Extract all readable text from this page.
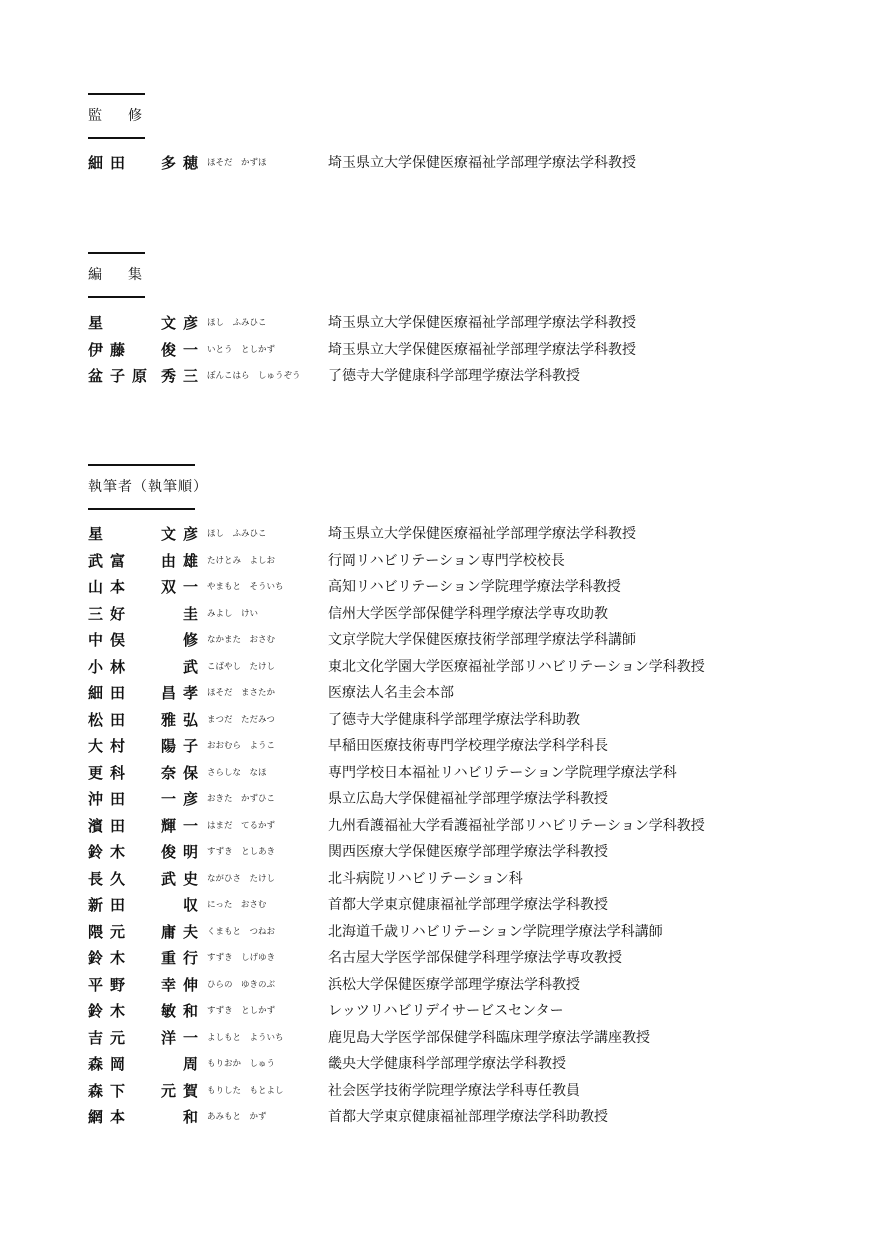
監　修
細田 多穂 ほそだ　かずほ	埼玉県立大学保健医療福祉学部理学療法学科教授
編　集
星	文彦 ほし　ふみひこ	埼玉県立大学保健医療福祉学部理学療法学科教授
伊藤 俊一 いとう　としかず	埼玉県立大学保健医療福祉学部理学療法学科教授
盆子原 秀三 ぼんこはら　しゅうぞう 了德寺大学健康科学部理学療法学科教授
執筆者（執筆順）
星	文彦 ほし　ふみひこ	埼玉県立大学保健医療福祉学部理学療法学科教授
武富 由雄 たけとみ　よしお	行岡リハビリテーション専門学校校長
山本 双一 やまもと　そういち	高知リハビリテーション学院理学療法学科教授
三好	圭 みよし　けい	信州大学医学部保健学科理学療法学専攻助教
中俣	修 なかまた　おさむ	文京学院大学保健医療技術学部理学療法学科講師
小林	武 こばやし　たけし	東北文化学園大学医療福祉学部リハビリテーション学科教授
細田 昌孝 ほそだ　まさたか	医療法人名圭会本部
松田 雅弘 まつだ　ただみつ	了德寺大学健康科学部理学療法学科助教
大村 陽子 おおむら　ようこ	早稲田医療技術専門学校理学療法学科学科長
更科 奈保 さらしな　なほ	専門学校日本福祉リハビリテーション学院理学療法学科
沖田 一彦 おきた　かずひこ	県立広島大学保健福祉学部理学療法学科教授
濱田 輝一 はまだ　てるかず	九州看護福祉大学看護福祉学部リハビリテーション学科教授
鈴木 俊明 すずき　としあき	関西医療大学保健医療学部理学療法学科教授
長久 武史 ながひさ　たけし	北斗病院リハビリテーション科
新田	収 にった　おさむ	首都大学東京健康福祉学部理学療法学科教授
隈元 庸夫 くまもと　つねお	北海道千歳リハビリテーション学院理学療法学科講師
鈴木 重行 すずき　しげゆき	名古屋大学医学部保健学科理学療法学専攻教授
平野 幸伸 ひらの　ゆきのぶ	浜松大学保健医療学部理学療法学科教授
鈴木 敏和 すずき　としかず	レッツリハビリデイサービスセンター
吉元 洋一 よしもと　よういち	鹿児島大学医学部保健学科臨床理学療法学講座教授
森岡	周 もりおか　しゅう	畿央大学健康科学部理学療法学科教授
森下 元賀 もりした　もとよし	社会医学技術学院理学療法学科専任教員
網本	和 あみもと　かず	首都大学東京健康福祉部理学療法学科助教授
